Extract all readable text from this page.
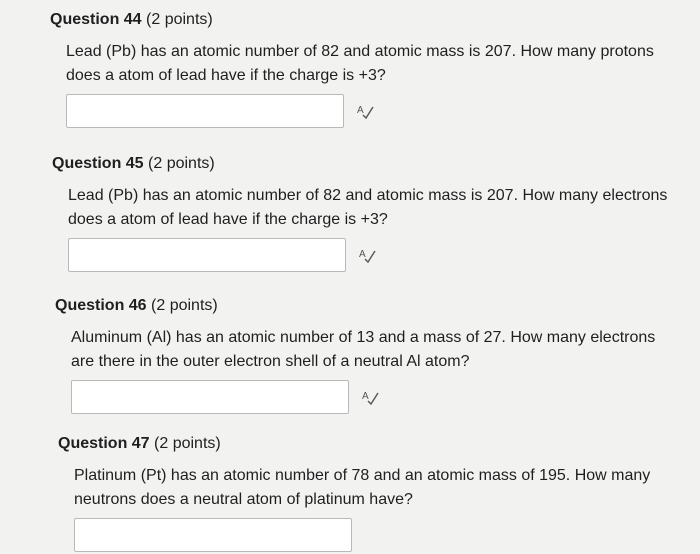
Question 44 (2 points)
Lead (Pb) has an atomic number of 82 and atomic mass is 207. How many protons does a atom of lead have if the charge is +3?
A
Question 45 (2 points)
Lead (Pb) has an atomic number of 82 and atomic mass is 207. How many electrons does a atom of lead have if the charge is +3?
A
Question 46 (2 points)
Aluminum (Al) has an atomic number of 13 and a mass of 27. How many electrons are there in the outer electron shell of a neutral Al atom?
A
Question 47 (2 points)
Platinum (Pt) has an atomic number of 78 and an atomic mass of 195. How many neutrons does a neutral atom of platinum have?
